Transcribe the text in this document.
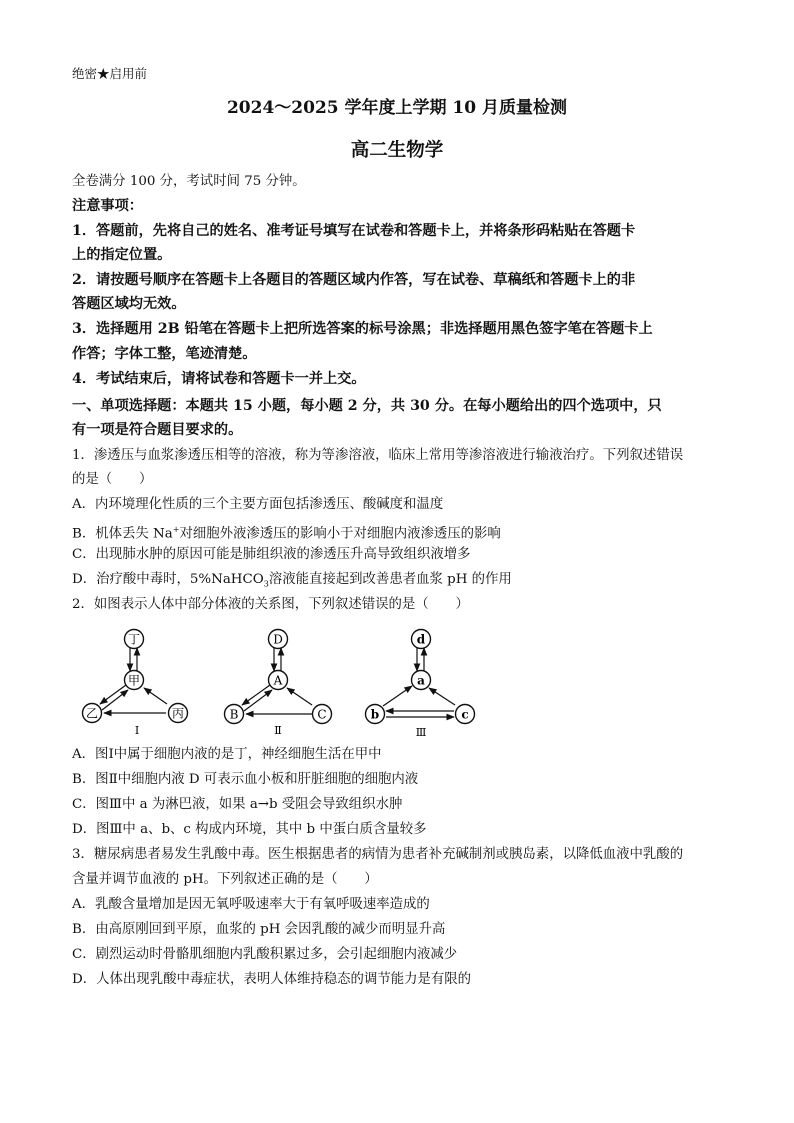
绝密★启用前
2024～2025 学年度上学期 10 月质量检测
高二生物学
全卷满分 100 分，考试时间 75 分钟。
注意事项：
1．答题前，先将自己的姓名、准考证号填写在试卷和答题卡上，并将条形码粘贴在答题卡
上的指定位置。
2．请按题号顺序在答题卡上各题目的答题区域内作答，写在试卷、草稿纸和答题卡上的非
答题区域均无效。
3．选择题用 2B 铅笔在答题卡上把所选答案的标号涂黑；非选择题用黑色签字笔在答题卡上
作答；字体工整，笔迹清楚。
4．考试结束后，请将试卷和答题卡一并上交。
一、单项选择题：本题共 15 小题，每小题 2 分，共 30 分。在每小题给出的四个选项中，只
有一项是符合题目要求的。
1．渗透压与血浆渗透压相等的溶液，称为等渗溶液，临床上常用等渗溶液进行输液治疗。下列叙述错误
的是（　　）
A．内环境理化性质的三个主要方面包括渗透压、酸碱度和温度
B．机体丢失 Na+对细胞外液渗透压的影响小于对细胞内液渗透压的影响
C．出现肺水肿的原因可能是肺组织液的渗透压升高导致组织液增多
D．治疗酸中毒时，5%NaHCO$_3$溶液能直接起到改善患者血浆 pH 的作用
2．如图表示人体中部分体液的关系图，下列叙述错误的是（　　）
丁
甲
乙	丙
Ⅰ
D
A
B	C
Ⅱ
d
a
b	c
Ⅲ
A．图Ⅰ中属于细胞内液的是丁，神经细胞生活在甲中
B．图Ⅱ中细胞内液 D 可表示血小板和肝脏细胞的细胞内液
C．图Ⅲ中 a 为淋巴液，如果 a→b 受阻会导致组织水肿
D．图Ⅲ中 a、b、c 构成内环境，其中 b 中蛋白质含量较多
3．糖尿病患者易发生乳酸中毒。医生根据患者的病情为患者补充碱制剂或胰岛素，以降低血液中乳酸的
含量并调节血液的 pH。下列叙述正确的是（　　）
A．乳酸含量增加是因无氧呼吸速率大于有氧呼吸速率造成的
B．由高原刚回到平原，血浆的 pH 会因乳酸的减少而明显升高
C．剧烈运动时骨骼肌细胞内乳酸积累过多，会引起细胞内液减少
D．人体出现乳酸中毒症状，表明人体维持稳态的调节能力是有限的
